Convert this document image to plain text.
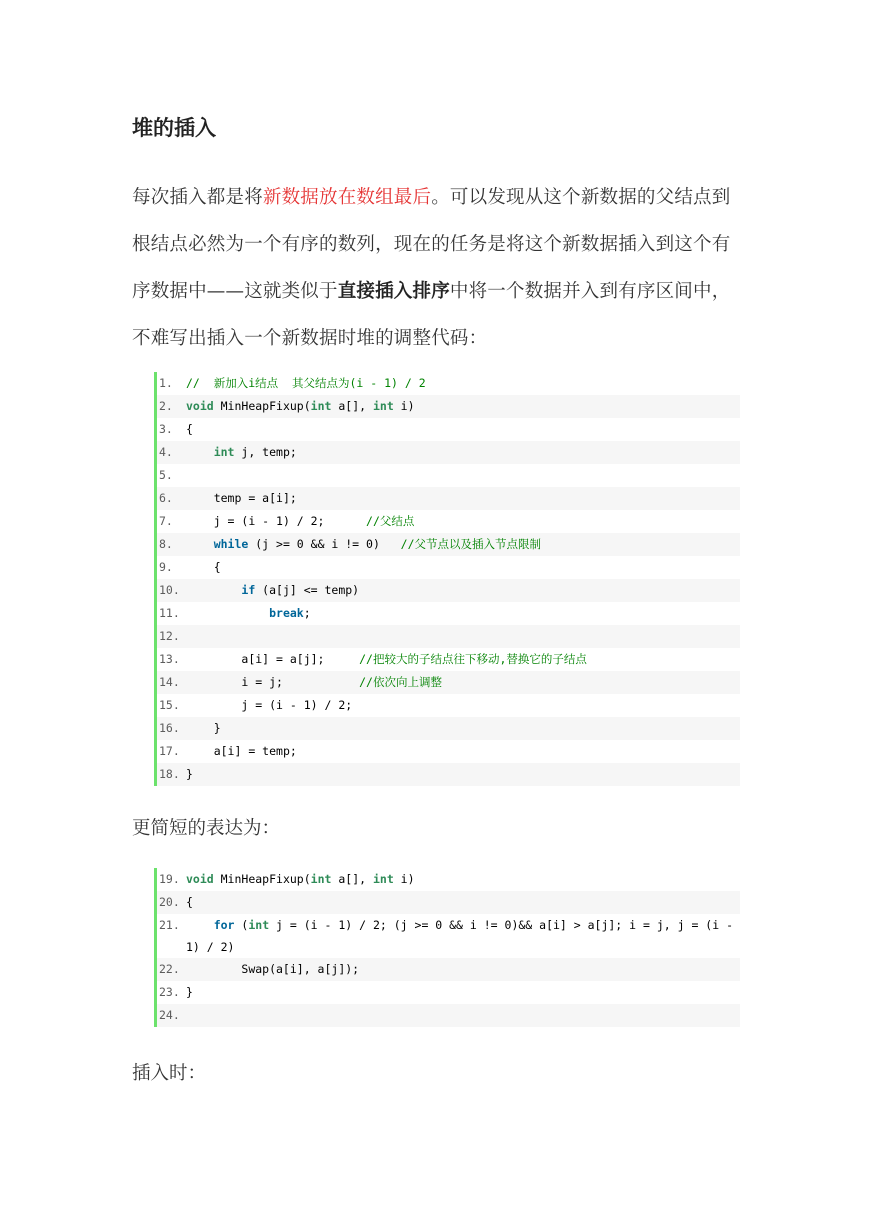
堆的插入

每次插入都是将新数据放在数组最后。可以发现从这个新数据的父结点到根结点必然为一个有序的数列，现在的任务是将这个新数据插入到这个有序数据中——这就类似于直接插入排序中将一个数据并入到有序区间中，不难写出插入一个新数据时堆的调整代码：

1.	//  新加入i结点  其父结点为(i - 1) / 2
2.	void MinHeapFixup(int a[], int i)
3.	{
4.	int j, temp;
5.
6.	temp = a[i];
7.	j = (i - 1) / 2;      //父结点
8.	while (j >= 0 && i != 0)   //父节点以及插入节点限制
9.	{
10.	if (a[j] <= temp)
11.	break;
12.
13. a[i] = a[j];     //把较大的子结点往下移动,替换它的子结点
14. i = j;           //依次向上调整
15. j = (i - 1) / 2;
16. }
17. a[i] = temp;
18. }

更简短的表达为：

19. void MinHeapFixup(int a[], int i)
20. {
21.	for (int j = (i - 1) / 2; (j >= 0 && i != 0)&& a[i] > a[j]; i = j, j = (i - 1) / 2)
22. Swap(a[i], a[j]);
23. }
24.

插入时：
